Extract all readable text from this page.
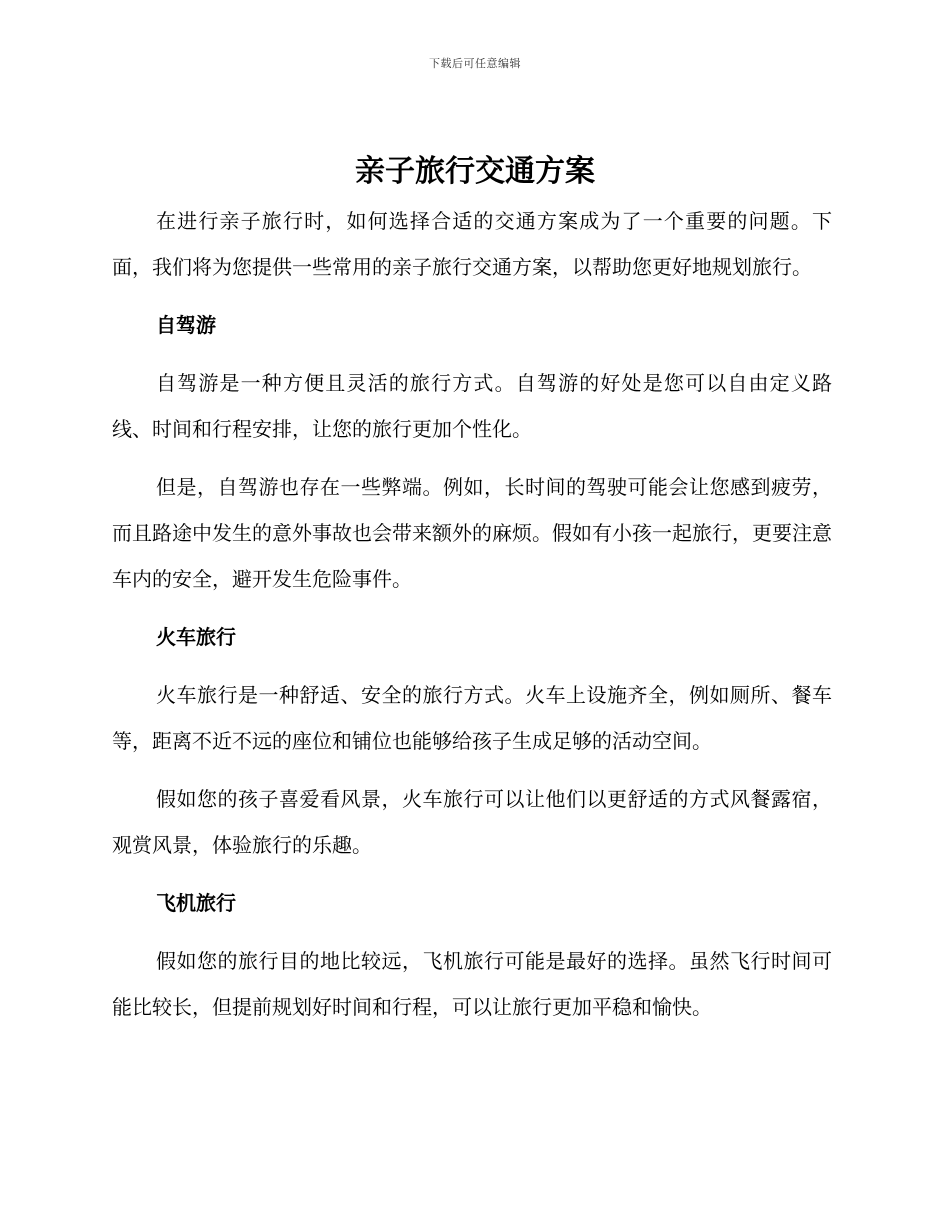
下载后可任意编辑
亲子旅行交通方案

在进行亲子旅行时，如何选择合适的交通方案成为了一个重要的问题。下面，我们将为您提供一些常用的亲子旅行交通方案，以帮助您更好地规划旅行。

自驾游

自驾游是一种方便且灵活的旅行方式。自驾游的好处是您可以自由定义路线、时间和行程安排，让您的旅行更加个性化。

但是，自驾游也存在一些弊端。例如，长时间的驾驶可能会让您感到疲劳，而且路途中发生的意外事故也会带来额外的麻烦。假如有小孩一起旅行，更要注意车内的安全，避开发生危险事件。

火车旅行

火车旅行是一种舒适、安全的旅行方式。火车上设施齐全，例如厕所、餐车等，距离不近不远的座位和铺位也能够给孩子生成足够的活动空间。

假如您的孩子喜爱看风景，火车旅行可以让他们以更舒适的方式风餐露宿，观赏风景，体验旅行的乐趣。

飞机旅行

假如您的旅行目的地比较远，飞机旅行可能是最好的选择。虽然飞行时间可能比较长，但提前规划好时间和行程，可以让旅行更加平稳和愉快。
